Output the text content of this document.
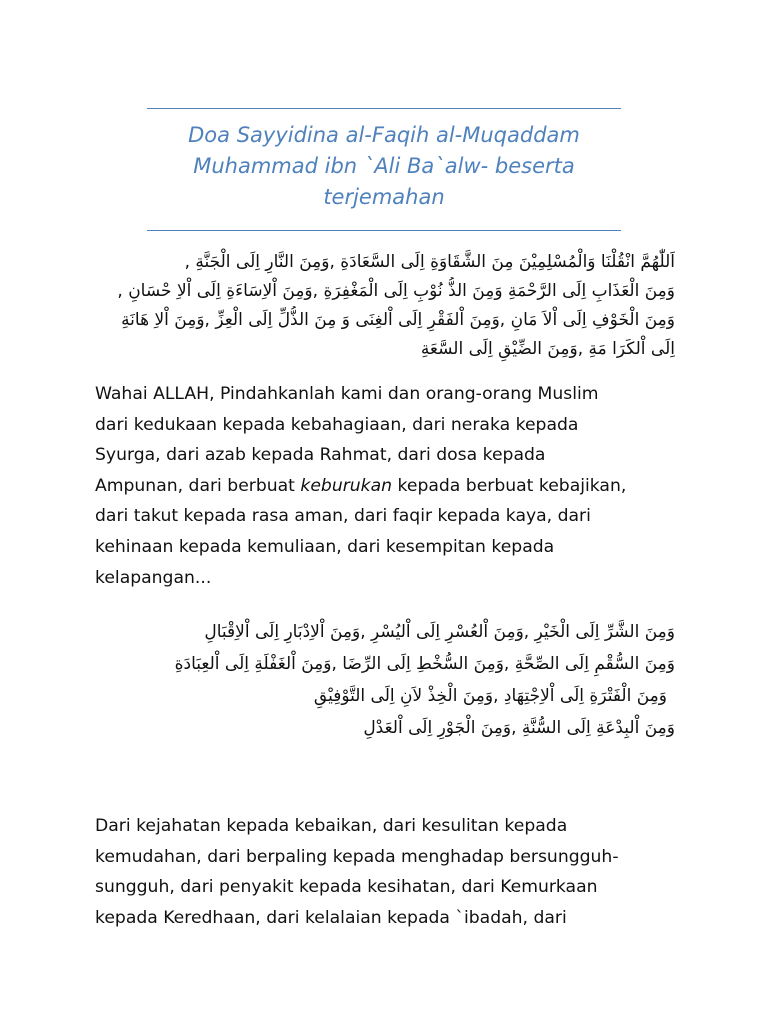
Doa Sayyidina al-Faqih al-Muqaddam
Muhammad ibn `Ali Ba`alw- beserta
terjemahan
اَللّٰهُمَّ انْقُلْنَا وَالْمُسْلِمِيْنَ مِنَ الشَّقَاوَةِ اِلَى السَّعَادَةِ ,وَمِنَ النَّارِ اِلَى الْجَنَّةِ ,
وَمِنَ الْعَذَابِ اِلَى الرَّحْمَةِ وَمِنَ الذُّ نُوْبِ اِلَى الْمَغْفِرَةِ ,وَمِنَ اْلاِسَاءَةِ اِلَى اْلاِ حْسَانِ ,
وَمِنَ الْخَوْفِ اِلَى اْلاَ مَانِ ,وَمِنَ اْلفَقْرِ اِلَى اْلغِنَى وَ مِنَ الذُّلِّ اِلَى الْعِزِّ ,وَمِنَ اْلاِ هَانَةِ
اِلَى اْلكَرَا مَةِ ,وَمِنَ الضِّيْقِ اِلَى السَّعَةِ
Wahai ALLAH, Pindahkanlah kami dan orang-orang Muslim
dari kedukaan kepada kebahagiaan, dari neraka kepada
Syurga, dari azab kepada Rahmat, dari dosa kepada
Ampunan, dari berbuat keburukan kepada berbuat kebajikan,
dari takut kepada rasa aman, dari faqir kepada kaya, dari
kehinaan kepada kemuliaan, dari kesempitan kepada
kelapangan...
وَمِنَ الشَّرِّ اِلَى الْخَيْرِ ,وَمِنَ اْلعُسْرِ اِلَى اْليُسْرِ ,وَمِنَ اْلاِدْبَارِ اِلَى اْلاِقْبَالِ
وَمِنَ السُّقْمِ اِلَى الصِّحَّةِ ,وَمِنَ السُّخْطِ اِلَى الرِّضَا ,وَمِنَ اْلغَفْلَةِ اِلَى اْلعِبَادَةِ
وَمِنَ الْفَتْرَةِ اِلَى اْلاِجْتِهَادِ ,وَمِنَ الْخِذْ لاَنِ اِلَى التَّوْفِيْقِ
وَمِنَ اْلبِدْعَةِ اِلَى السُّنَّةِ ,وَمِنَ الْجَوْرِ اِلَى اْلعَدْلِ
Dari kejahatan kepada kebaikan, dari kesulitan kepada
kemudahan, dari berpaling kepada menghadap bersungguh-
sungguh, dari penyakit kepada kesihatan, dari Kemurkaan
kepada Keredhaan, dari kelalaian kepada `ibadah, dari
